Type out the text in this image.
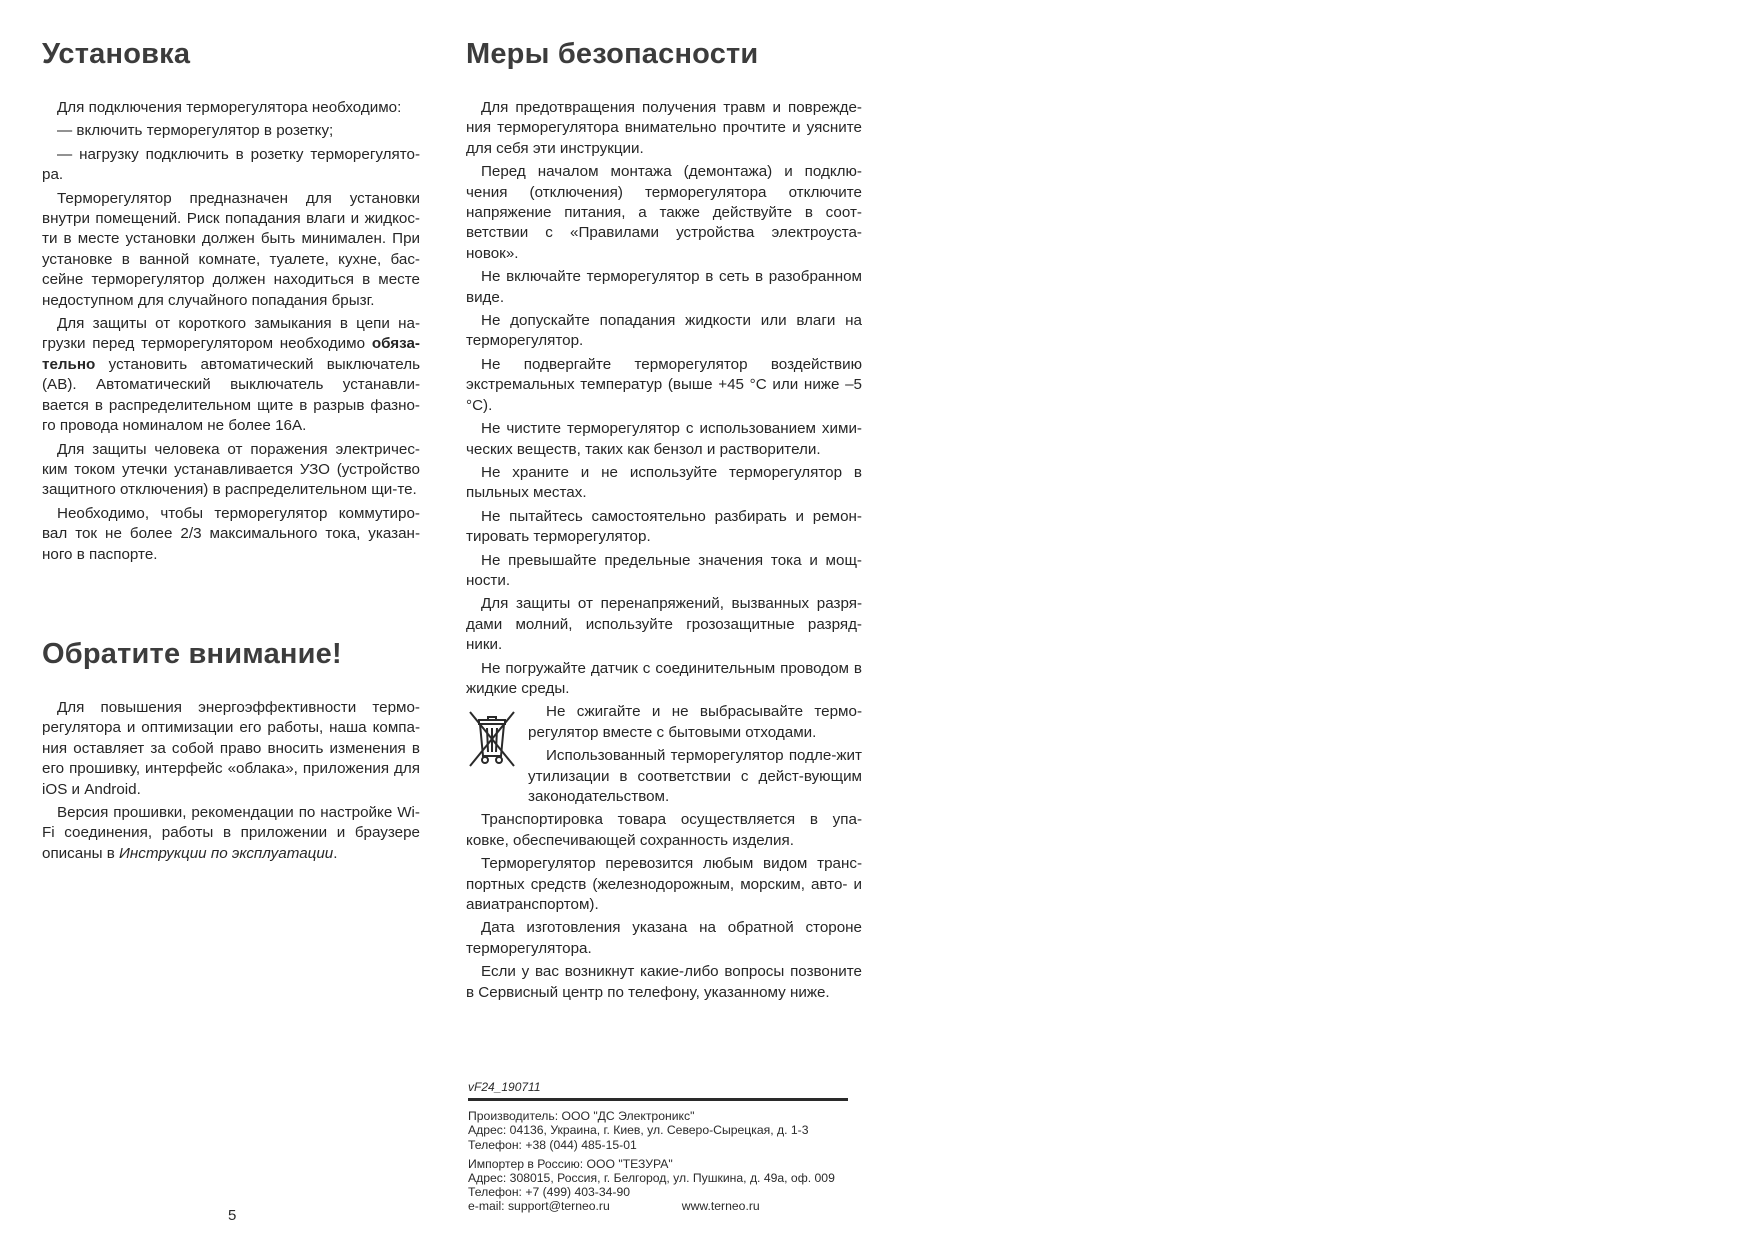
Установка

Для подключения терморегулятора необходимо:

— включить терморегулятор в розетку;

— нагрузку подключить в розетку терморегулято-ра.

Терморегулятор предназначен для установки внутри помещений. Риск попадания влаги и жидкос-ти в месте установки должен быть минимален. При установке в ванной комнате, туалете, кухне, бас-сейне терморегулятор должен находиться в месте недоступном для случайного попадания брызг.

Для защиты от короткого замыкания в цепи на-грузки перед терморегулятором необходимо обяза-тельно установить автоматический выключатель (АВ). Автоматический выключатель устанавли-вается в распределительном щите в разрыв фазно-го провода номиналом не более 16А.

Для защиты человека от поражения электричес-ким током утечки устанавливается УЗО (устройство защитного отключения) в распределительном щи-те.

Необходимо, чтобы терморегулятор коммутиро-вал ток не более 2/3 максимального тока, указан-ного в паспорте.

Обратите внимание!

Для повышения энергоэффективности термо-регулятора и оптимизации его работы, наша компа-ния оставляет за собой право вносить изменения в его прошивку, интерфейс «облака», приложения для iOS и Android.

Версия прошивки, рекомендации по настройке Wi-Fi соединения, работы в приложении и браузере описаны в Инструкции по эксплуатации.

Меры безопасности

Для предотвращения получения травм и поврежде-ния терморегулятора внимательно прочтите и уясните для себя эти инструкции.

Перед началом монтажа (демонтажа) и подклю-чения (отключения) терморегулятора отключите напряжение питания, а также действуйте в соот-ветствии с «Правилами устройства электроуста-новок».

Не включайте терморегулятор в сеть в разобранном виде.

Не допускайте попадания жидкости или влаги на терморегулятор.

Не подвергайте терморегулятор воздействию экстремальных температур (выше +45 °С или ниже –5 °С).

Не чистите терморегулятор с использованием хими-ческих веществ, таких как бензол и растворители.

Не храните и не используйте терморегулятор в пыльных местах.

Не пытайтесь самостоятельно разбирать и ремон-тировать терморегулятор.

Не превышайте предельные значения тока и мощ-ности.

Для защиты от перенапряжений, вызванных разря-дами молний, используйте грозозащитные разряд-ники.

Не погружайте датчик с соединительным проводом в жидкие среды.

Не сжигайте и не выбрасывайте термо-регулятор вместе с бытовыми отходами.

Использованный терморегулятор подле-жит утилизации в соответствии с дейст-вующим законодательством.

Транспортировка товара осуществляется в упа-ковке, обеспечивающей сохранность изделия.

Терморегулятор перевозится любым видом транс-портных средств (железнодорожным, морским, авто- и авиатранспортом).

Дата изготовления указана на обратной стороне терморегулятора.

Если у вас возникнут какие-либо вопросы позвоните в Сервисный центр по телефону, указанному ниже.

vF24_190711
Производитель: ООО "ДС Электроникс"
Адрес: 04136, Украина, г. Киев, ул. Северо-Сырецкая, д. 1-3
Телефон: +38 (044) 485-15-01
Импортер в Россию: ООО "ТЕЗУРА"
Адрес: 308015, Россия, г. Белгород, ул. Пушкина, д. 49а, оф. 009
Телефон: +7 (499) 403-34-90
e-mail: support@terneo.ru	www.terneo.ru
5
